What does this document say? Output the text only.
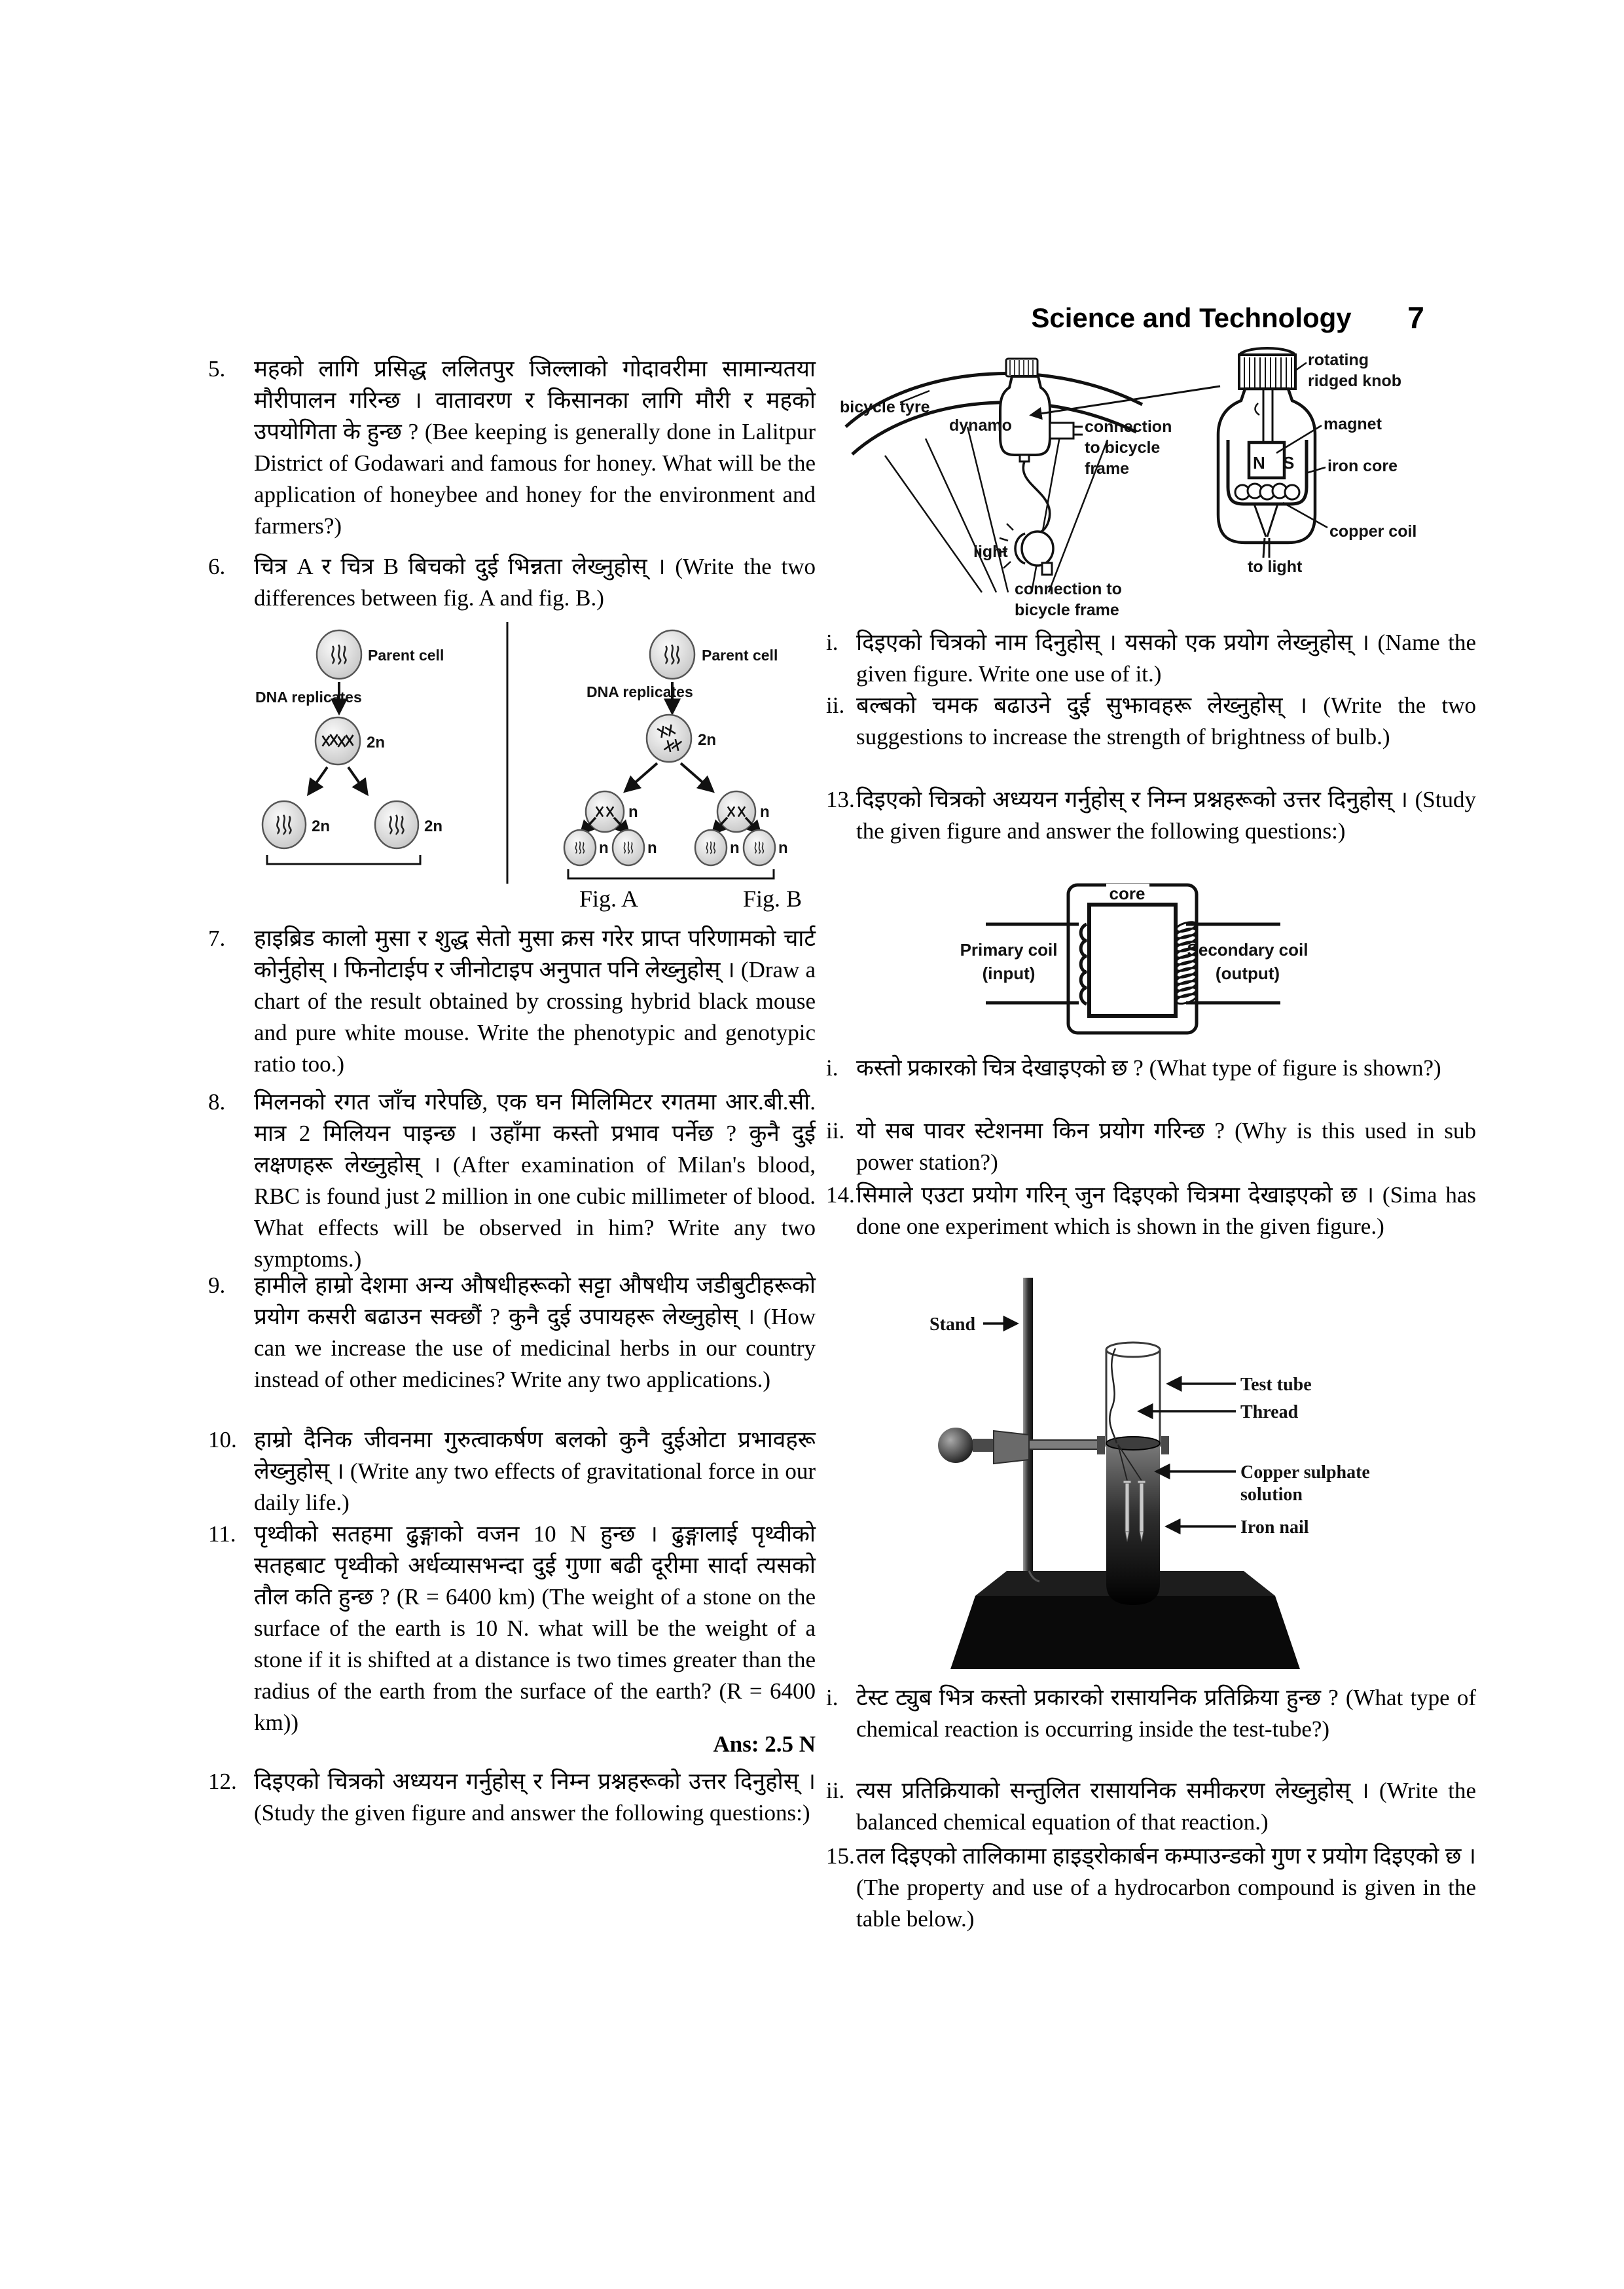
Science and Technology	7
5. महको लागि प्रसिद्ध ललितपुर जिल्लाको गोदावरीमा सामान्यतया मौरीपालन गरिन्छ । वातावरण र किसानका लागि मौरी र महको उपयोगिता के हुन्छ ? (Bee keeping is generally done in Lalitpur District of Godawari and famous for honey. What will be the application of honeybee and honey for the environment and farmers?)
6. चित्र A र चित्र B बिचको दुई भिन्नता लेख्नुहोस् । (Write the two differences between fig. A and fig. B.)
Parent cell
DNA replicates
2n
2n	2n
Parent cell
DNA replicates
2n
n	n
n n	n n
Fig. A	Fig. B
7. हाइब्रिड कालो मुसा र शुद्ध सेतो मुसा क्रस गरेर प्राप्त परिणामको चार्ट कोर्नुहोस् । फिनोटाईप र जीनोटाइप अनुपात पनि लेख्नुहोस् । (Draw a chart of the result obtained by crossing hybrid black mouse and pure white mouse. Write the phenotypic and genotypic ratio too.)
8. मिलनको रगत जाँच गरेपछि, एक घन मिलिमिटर रगतमा आर.बी.सी. मात्र 2 मिलियन पाइन्छ । उहाँमा कस्तो प्रभाव पर्नेछ ? कुनै दुई लक्षणहरू लेख्नुहोस् । (After examination of Milan's blood, RBC is found just 2 million in one cubic millimeter of blood. What effects will be observed in him? Write any two symptoms.)
9. हामीले हाम्रो देशमा अन्य औषधीहरूको सट्टा औषधीय जडीबुटीहरूको प्रयोग कसरी बढाउन सक्छौं ? कुनै दुई उपायहरू लेख्नुहोस् । (How can we increase the use of medicinal herbs in our country instead of other medicines? Write any two applications.)
10. हाम्रो दैनिक जीवनमा गुरुत्वाकर्षण बलको कुनै दुईओटा प्रभावहरू लेख्नुहोस् । (Write any two effects of gravitational force in our daily life.)
11. पृथ्वीको सतहमा ढुङ्गाको वजन 10 N हुन्छ । ढुङ्गालाई पृथ्वीको सतहबाट पृथ्वीको अर्धव्यासभन्दा दुई गुणा बढी दूरीमा सार्दा त्यसको तौल कति हुन्छ ? (R = 6400 km) (The weight of a stone on the surface of the earth is 10 N. what will be the weight of a stone if it is shifted at a distance is two times greater than the radius of the earth from the surface of the earth? (R = 6400 km))
Ans: 2.5 N
12. दिइएको चित्रको अध्ययन गर्नुहोस् र निम्न प्रश्नहरूको उत्तर दिनुहोस् । (Study the given figure and answer the following questions:)
bicycle tyre
dynamo	connection
to bicycle
frame
light
connection to
bicycle frame
N S
rotating
ridged knob
magnet
iron core
copper coil
to light
i. दिइएको चित्रको नाम दिनुहोस् । यसको एक प्रयोग लेख्नुहोस् । (Name the given figure. Write one use of it.)
ii. बल्बको चमक बढाउने दुई सुझावहरू लेख्नुहोस् । (Write the two suggestions to increase the strength of brightness of bulb.)
13.दिइएको चित्रको अध्ययन गर्नुहोस् र निम्न प्रश्नहरूको उत्तर दिनुहोस् । (Study the given figure and answer the following questions:)
core
Primary coil
(input)
Secondary coil
(output)
i. कस्तो प्रकारको चित्र देखाइएको छ ? (What type of figure is shown?)
ii. यो सब पावर स्टेशनमा किन प्रयोग गरिन्छ ? (Why is this used in sub power station?)
14.सिमाले एउटा प्रयोग गरिन् जुन दिइएको चित्रमा देखाइएको छ । (Sima has done one experiment which is shown in the given figure.)
Stand
Test tube
Thread
Copper sulphate
solution
Iron nail
i. टेस्ट ट्युब भित्र कस्तो प्रकारको रासायनिक प्रतिक्रिया हुन्छ ? (What type of chemical reaction is occurring inside the test-tube?)
ii. त्यस प्रतिक्रियाको सन्तुलित रासायनिक समीकरण लेख्नुहोस् । (Write the balanced chemical equation of that reaction.)
15.तल दिइएको तालिकामा हाइड्रोकार्बन कम्पाउन्डको गुण र प्रयोग दिइएको छ । (The property and use of a hydrocarbon compound is given in the table below.)
